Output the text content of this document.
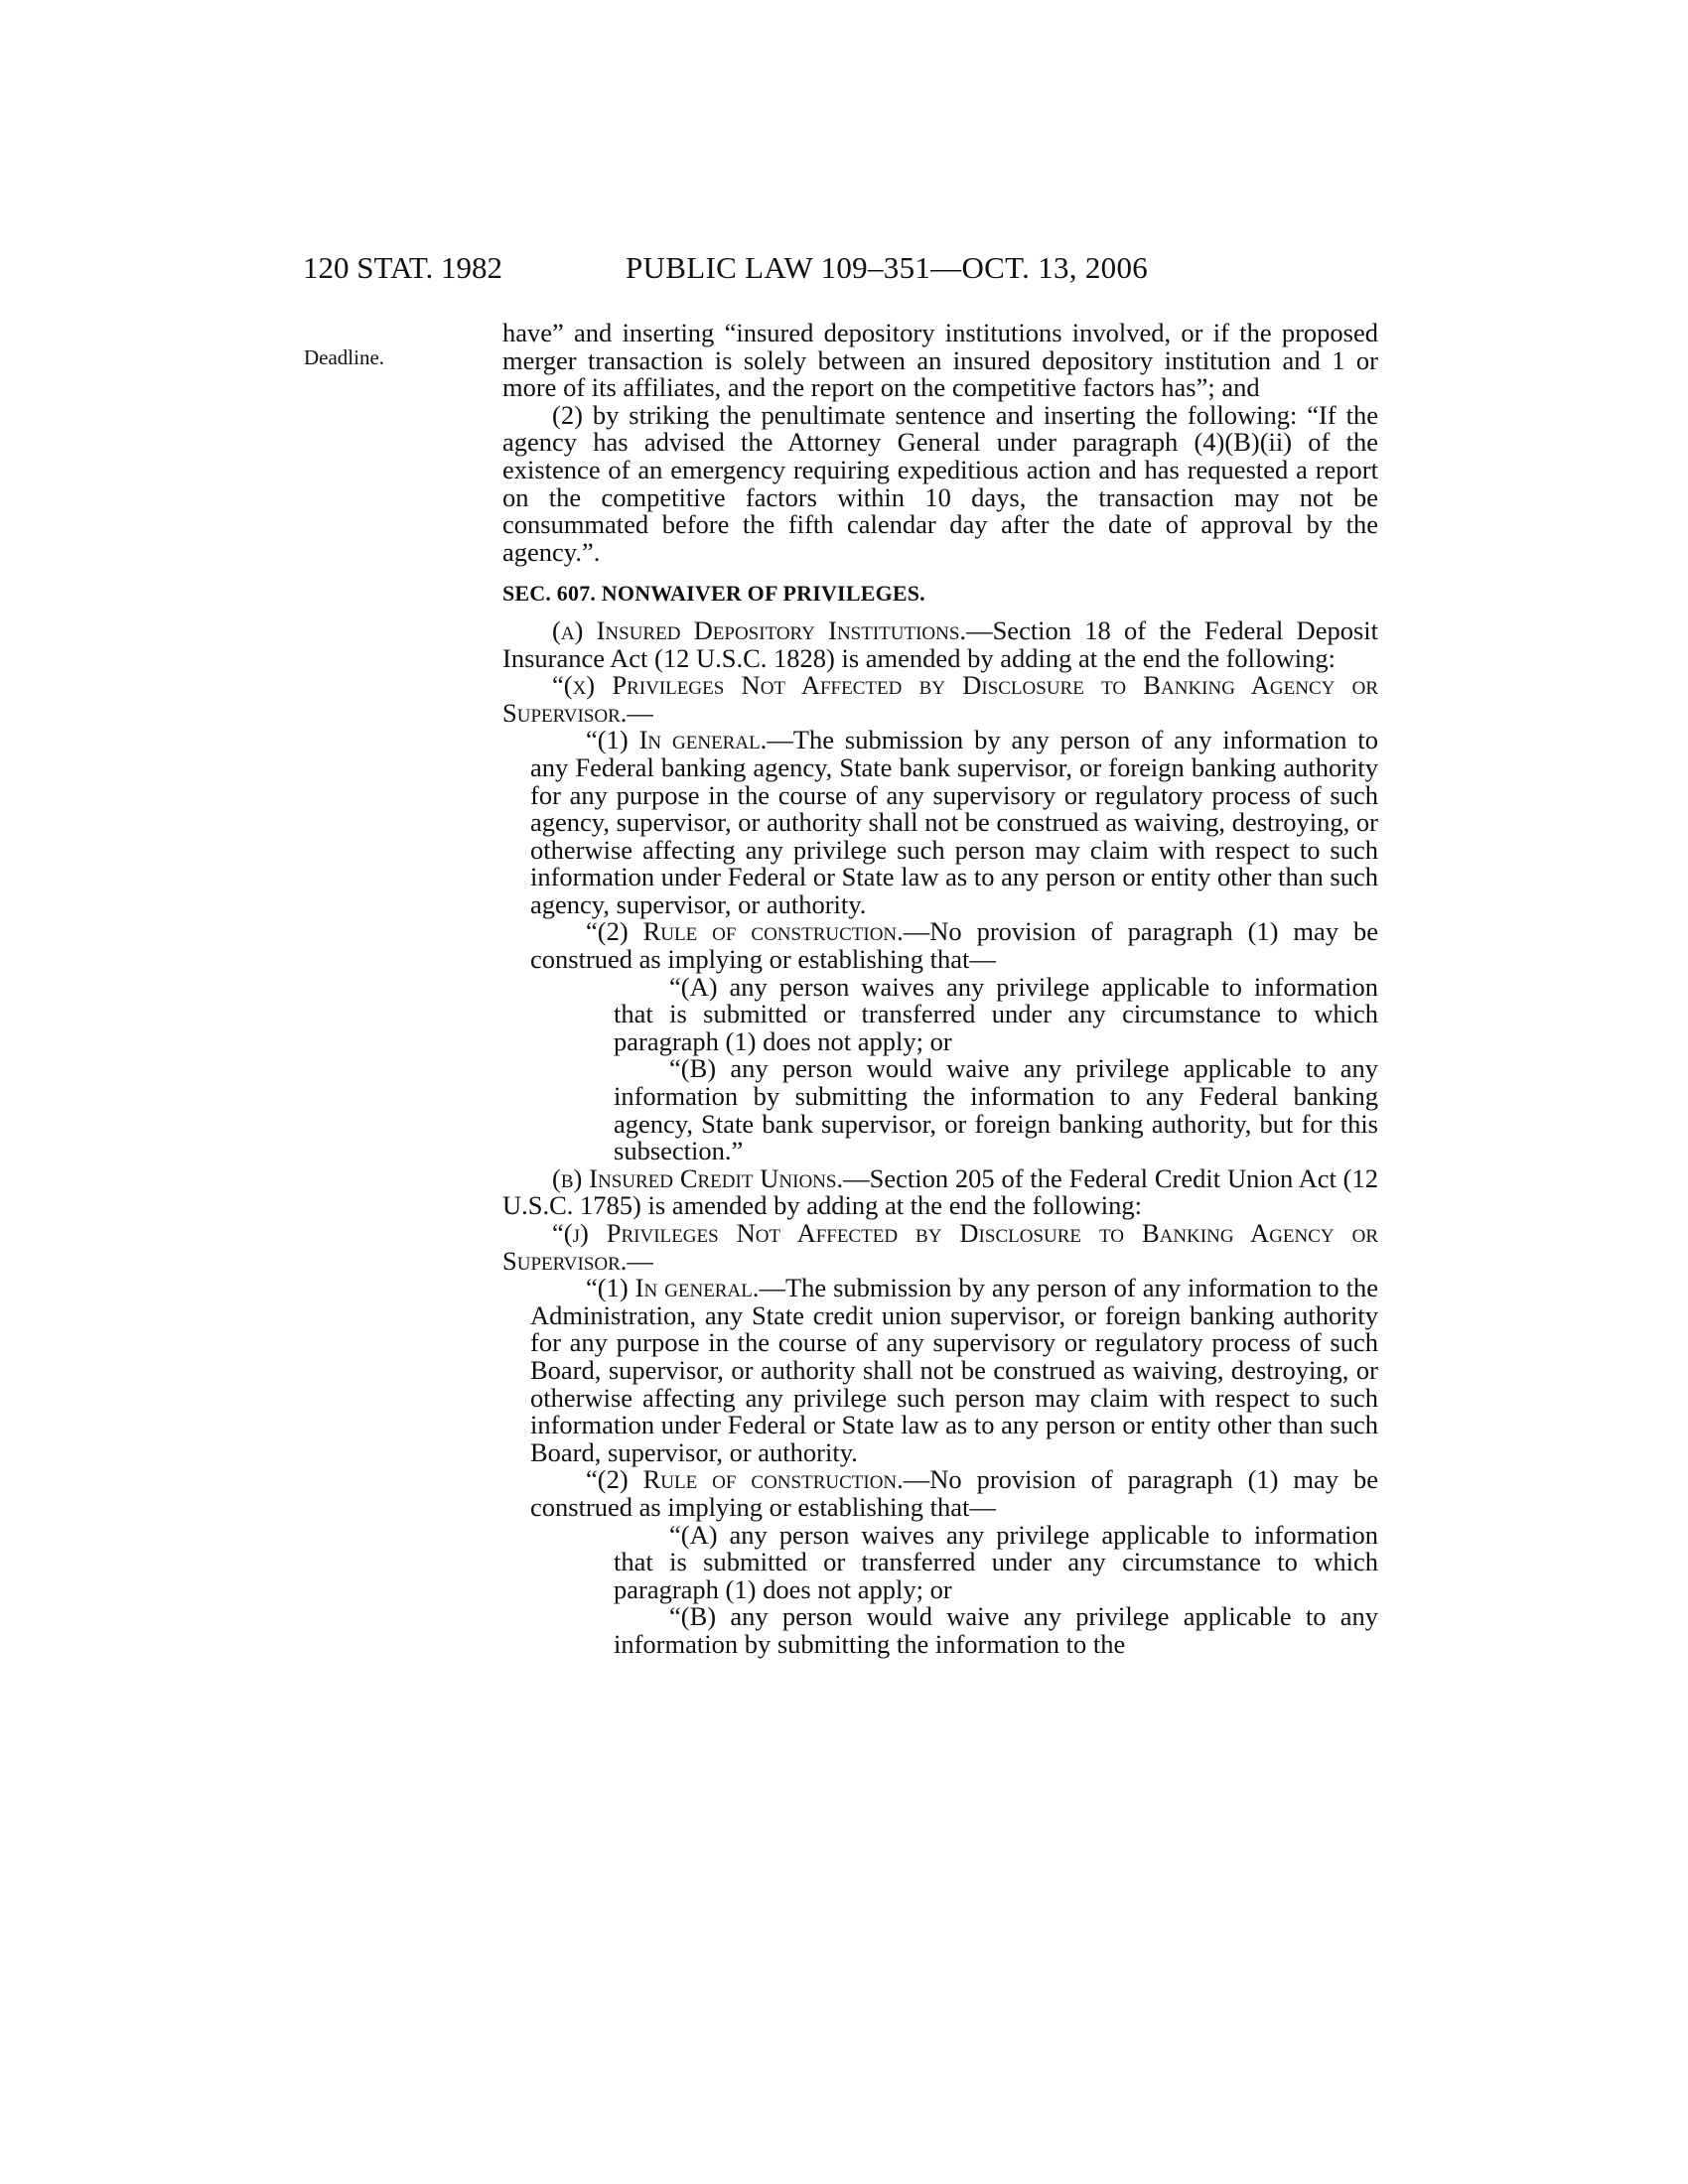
120 STAT. 1982	PUBLIC LAW 109–351—OCT. 13, 2006
Deadline.

have” and inserting “insured depository institutions involved, or if the proposed merger transaction is solely between an insured depository institution and 1 or more of its affiliates, and the report on the competitive factors has”; and

(2) by striking the penultimate sentence and inserting the following: “If the agency has advised the Attorney General under paragraph (4)(B)(ii) of the existence of an emergency requiring expeditious action and has requested a report on the competitive factors within 10 days, the transaction may not be consummated before the fifth calendar day after the date of approval by the agency.”.

SEC. 607. NONWAIVER OF PRIVILEGES.

(a) Insured Depository Institutions.—Section 18 of the Federal Deposit Insurance Act (12 U.S.C. 1828) is amended by adding at the end the following:

“(x) Privileges Not Affected by Disclosure to Banking Agency or Supervisor.—

“(1) In general.—The submission by any person of any information to any Federal banking agency, State bank supervisor, or foreign banking authority for any purpose in the course of any supervisory or regulatory process of such agency, supervisor, or authority shall not be construed as waiving, destroying, or otherwise affecting any privilege such person may claim with respect to such information under Federal or State law as to any person or entity other than such agency, supervisor, or authority.

“(2) Rule of construction.—No provision of paragraph (1) may be construed as implying or establishing that—

“(A) any person waives any privilege applicable to information that is submitted or transferred under any circumstance to which paragraph (1) does not apply; or

“(B) any person would waive any privilege applicable to any information by submitting the information to any Federal banking agency, State bank supervisor, or foreign banking authority, but for this subsection.”

(b) Insured Credit Unions.—Section 205 of the Federal Credit Union Act (12 U.S.C. 1785) is amended by adding at the end the following:

“(j) Privileges Not Affected by Disclosure to Banking Agency or Supervisor.—

“(1) In general.—The submission by any person of any information to the Administration, any State credit union supervisor, or foreign banking authority for any purpose in the course of any supervisory or regulatory process of such Board, supervisor, or authority shall not be construed as waiving, destroying, or otherwise affecting any privilege such person may claim with respect to such information under Federal or State law as to any person or entity other than such Board, supervisor, or authority.

“(2) Rule of construction.—No provision of paragraph (1) may be construed as implying or establishing that—

“(A) any person waives any privilege applicable to information that is submitted or transferred under any circumstance to which paragraph (1) does not apply; or

“(B) any person would waive any privilege applicable to any information by submitting the information to the
